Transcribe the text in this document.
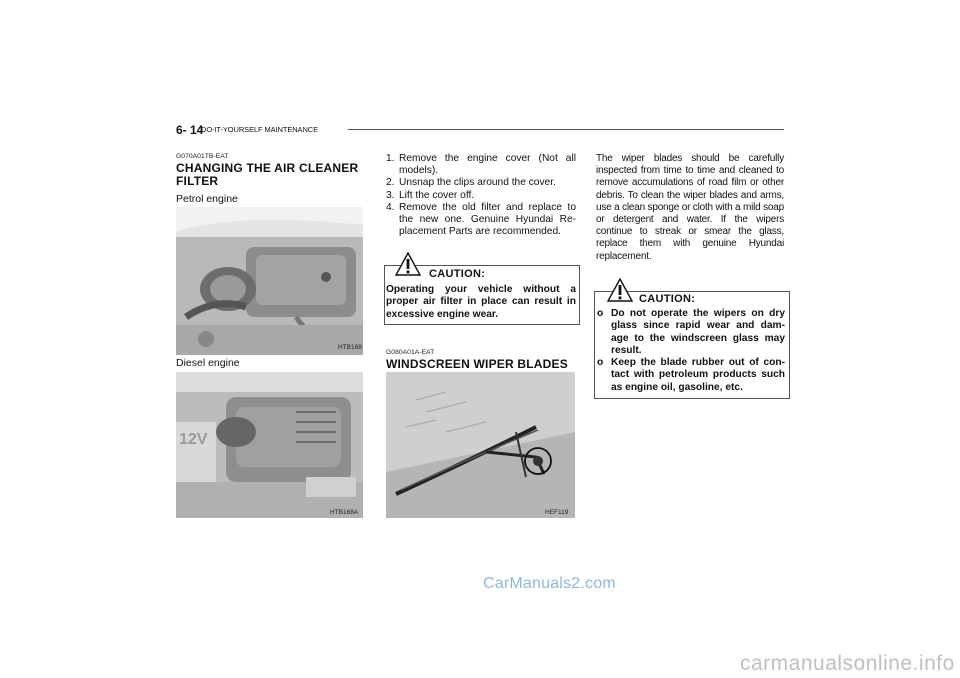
6- 14
DO-IT-YOURSELF MAINTENANCE
G070A01TB-EAT
CHANGING THE AIR CLEANER FILTER
Petrol engine
HTB168
Diesel engine
12V
HTB168A
1. Remove the engine cover (Not all models).
2. Unsnap the clips around the cover.
3. Lift the cover off.
4. Remove the old filter and replace to the new one. Genuine Hyundai Re-placement Parts are recommended.
CAUTION:
Operating your vehicle without a proper air filter in place can result in excessive engine wear.
G080A01A-EAT
WINDSCREEN WIPER BLADES
HEF119
The wiper blades should be carefully inspected from time to time and cleaned to remove accumulations of road film or other debris. To clean the wiper blades and arms, use a clean sponge or cloth with a mild soap or detergent and water. If the wipers continue to streak or smear the glass, replace them with genuine Hyundai replacement.
CAUTION:
o Do not operate the wipers on dry glass since rapid wear and dam-age to the windscreen glass may result.
o Keep the blade rubber out of con-tact with petroleum products such as engine oil, gasoline, etc.
CarManuals2.com
carmanualsonline.info
